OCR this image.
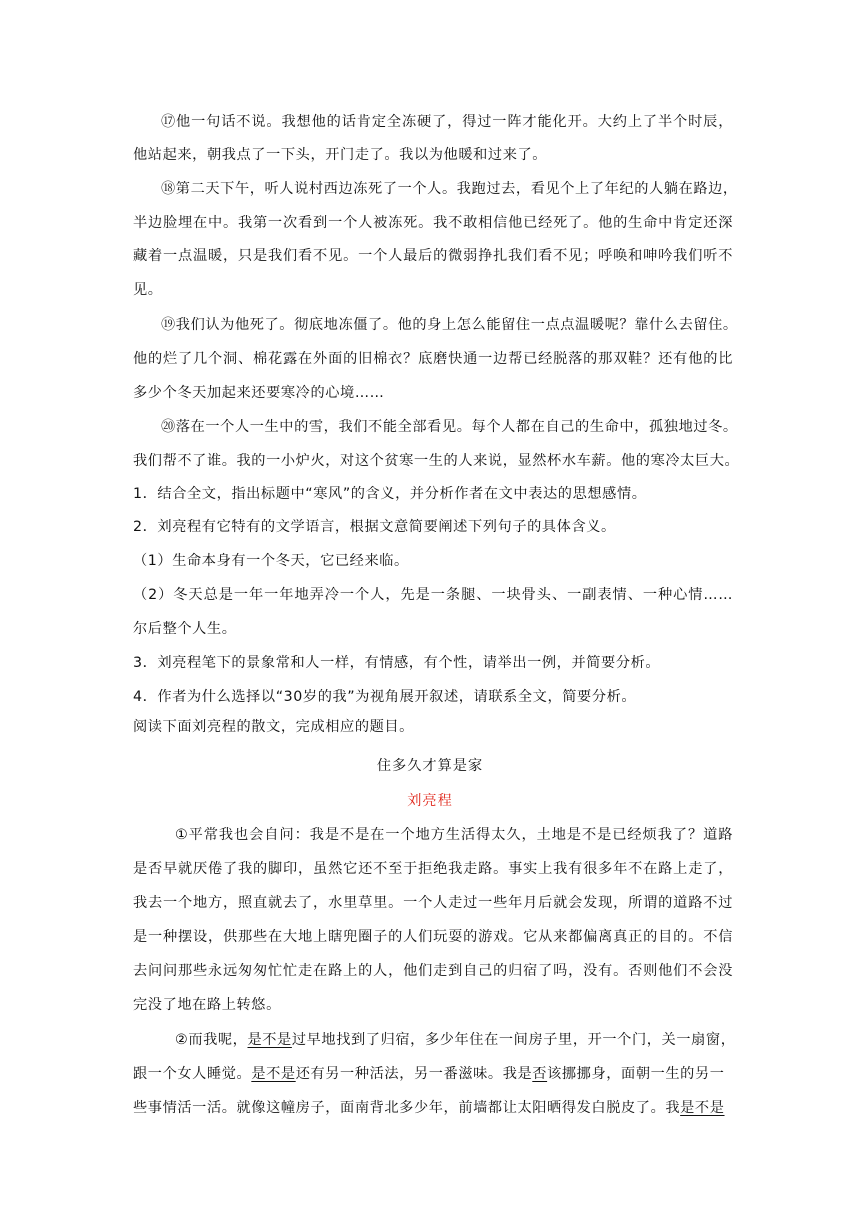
⑰他一句话不说。我想他的话肯定全冻硬了，得过一阵才能化开。大约上了半个时辰，
他站起来，朝我点了一下头，开门走了。我以为他暖和过来了。
⑱第二天下午，听人说村西边冻死了一个人。我跑过去，看见个上了年纪的人躺在路边，
半边脸埋在中。我第一次看到一个人被冻死。我不敢相信他已经死了。他的生命中肯定还深
藏着一点温暖，只是我们看不见。一个人最后的微弱挣扎我们看不见；呼唤和呻吟我们听不
见。
⑲我们认为他死了。彻底地冻僵了。他的身上怎么能留住一点点温暖呢？靠什么去留住。
他的烂了几个洞、棉花露在外面的旧棉衣？底磨快通一边帮已经脱落的那双鞋？还有他的比
多少个冬天加起来还要寒冷的心境……
⑳落在一个人一生中的雪，我们不能全部看见。每个人都在自己的生命中，孤独地过冬。
我们帮不了谁。我的一小炉火，对这个贫寒一生的人来说，显然杯水车薪。他的寒冷太巨大。
1．结合全文，指出标题中“寒风”的含义，并分析作者在文中表达的思想感情。
2．刘亮程有它特有的文学语言，根据文意简要阐述下列句子的具体含义。
（1）生命本身有一个冬天，它已经来临。
（2）冬天总是一年一年地弄冷一个人，先是一条腿、一块骨头、一副表情、一种心情……
尔后整个人生。
3．刘亮程笔下的景象常和人一样，有情感，有个性，请举出一例，并简要分析。
4．作者为什么选择以“30岁的我”为视角展开叙述，请联系全文，简要分析。
阅读下面刘亮程的散文，完成相应的题目。
住多久才算是家
刘亮程
①平常我也会自问：我是不是在一个地方生活得太久，土地是不是已经烦我了？道路
是否早就厌倦了我的脚印，虽然它还不至于拒绝我走路。事实上我有很多年不在路上走了，
我去一个地方，照直就去了，水里草里。一个人走过一些年月后就会发现，所谓的道路不过
是一种摆设，供那些在大地上瞎兜圈子的人们玩耍的游戏。它从来都偏离真正的目的。不信
去问问那些永远匆匆忙忙走在路上的人，他们走到自己的归宿了吗，没有。否则他们不会没
完没了地在路上转悠。
②而我呢，是不是过早地找到了归宿，多少年住在一间房子里，开一个门，关一扇窗，
跟一个女人睡觉。是不是还有另一种活法，另一番滋味。我是否该挪挪身，面朝一生的另一
些事情活一活。就像这幢房子，面南背北多少年，前墙都让太阳晒得发白脱皮了。我是不是
